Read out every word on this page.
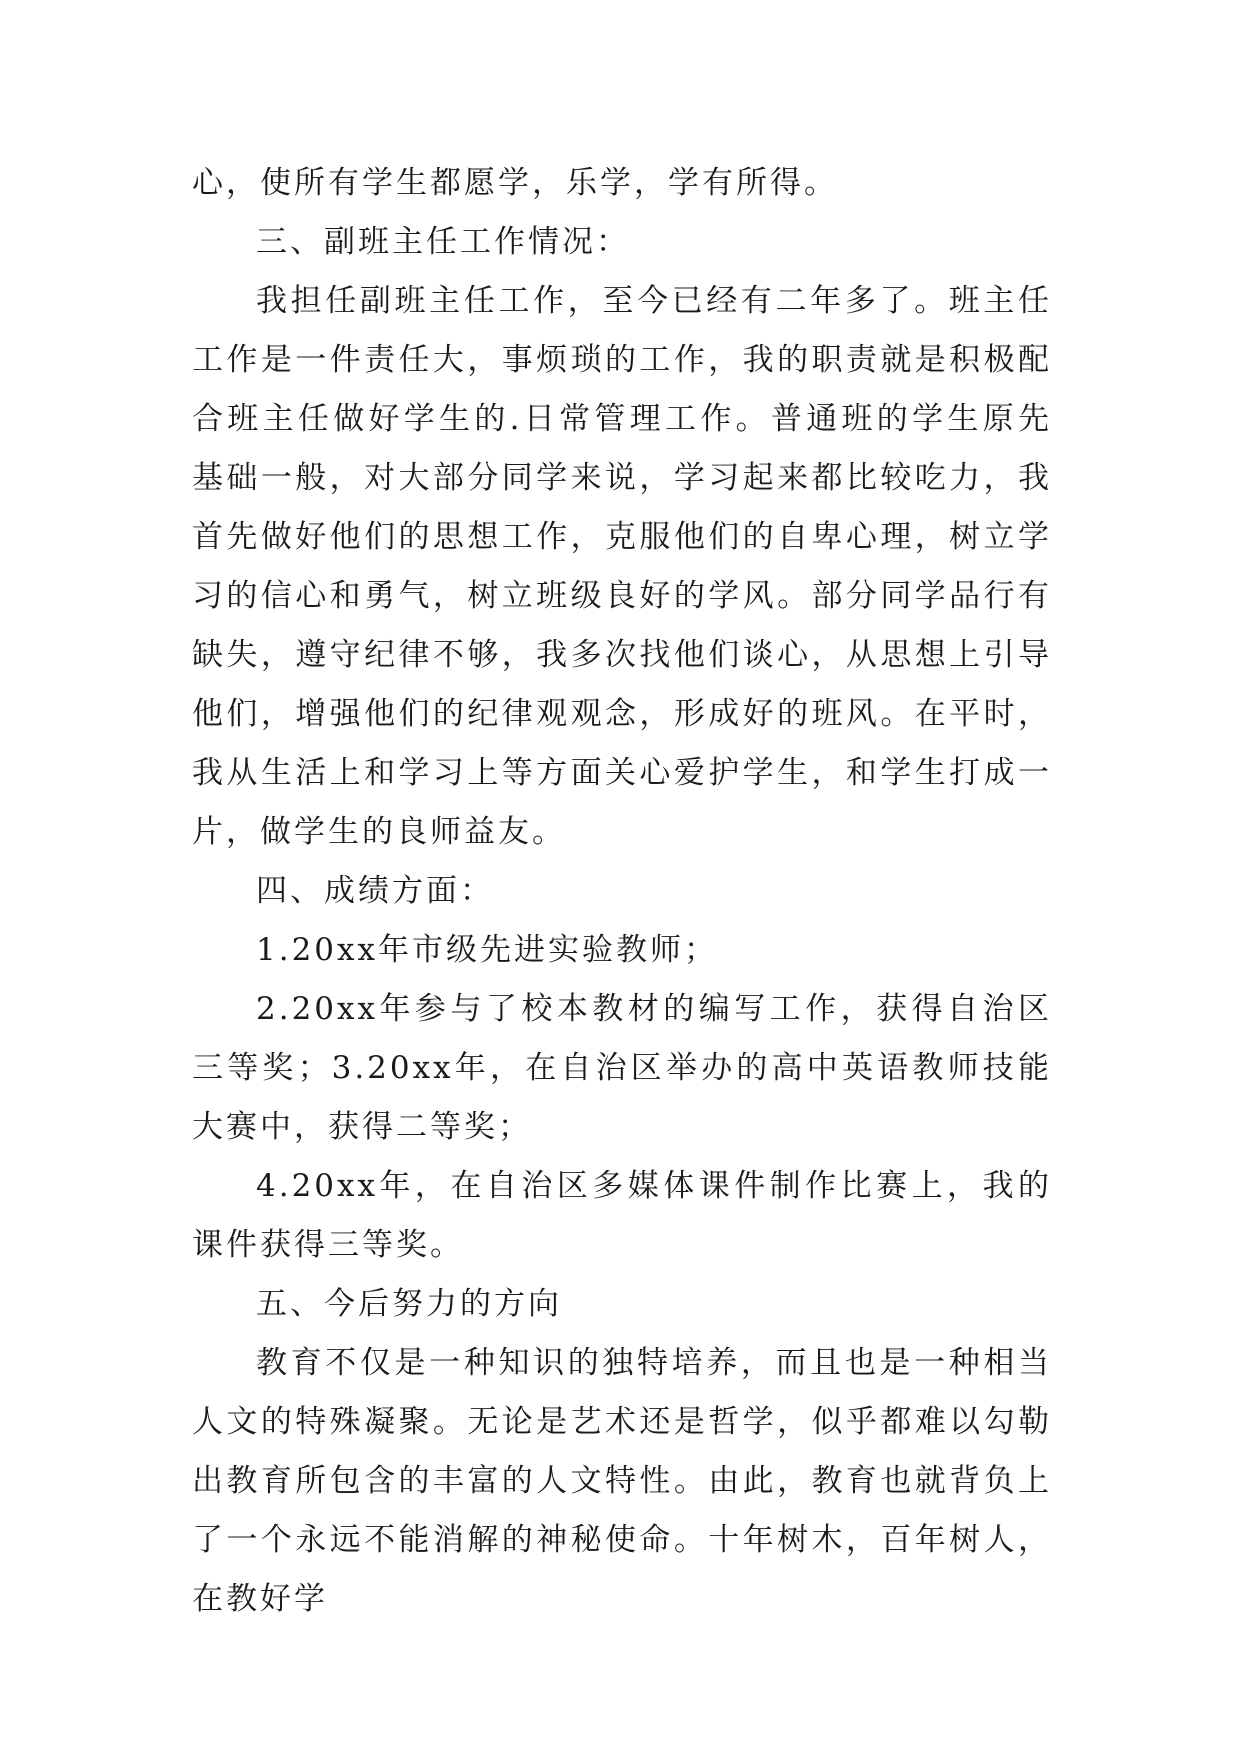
心，使所有学生都愿学，乐学，学有所得。

三、副班主任工作情况：

我担任副班主任工作，至今已经有二年多了。班主任工作是一件责任大，事烦琐的工作，我的职责就是积极配合班主任做好学生的.日常管理工作。普通班的学生原先基础一般，对大部分同学来说，学习起来都比较吃力，我首先做好他们的思想工作，克服他们的自卑心理，树立学习的信心和勇气，树立班级良好的学风。部分同学品行有缺失，遵守纪律不够，我多次找他们谈心，从思想上引导他们，增强他们的纪律观观念，形成好的班风。在平时，我从生活上和学习上等方面关心爱护学生，和学生打成一片，做学生的良师益友。

四、成绩方面：

1.20xx年市级先进实验教师；

2.20xx年参与了校本教材的编写工作，获得自治区三等奖；3.20xx年，在自治区举办的高中英语教师技能大赛中，获得二等奖；

4.20xx年，在自治区多媒体课件制作比赛上，我的课件获得三等奖。

五、今后努力的方向

教育不仅是一种知识的独特培养，而且也是一种相当人文的特殊凝聚。无论是艺术还是哲学，似乎都难以勾勒出教育所包含的丰富的人文特性。由此，教育也就背负上了一个永远不能消解的神秘使命。十年树木，百年树人，在教好学
